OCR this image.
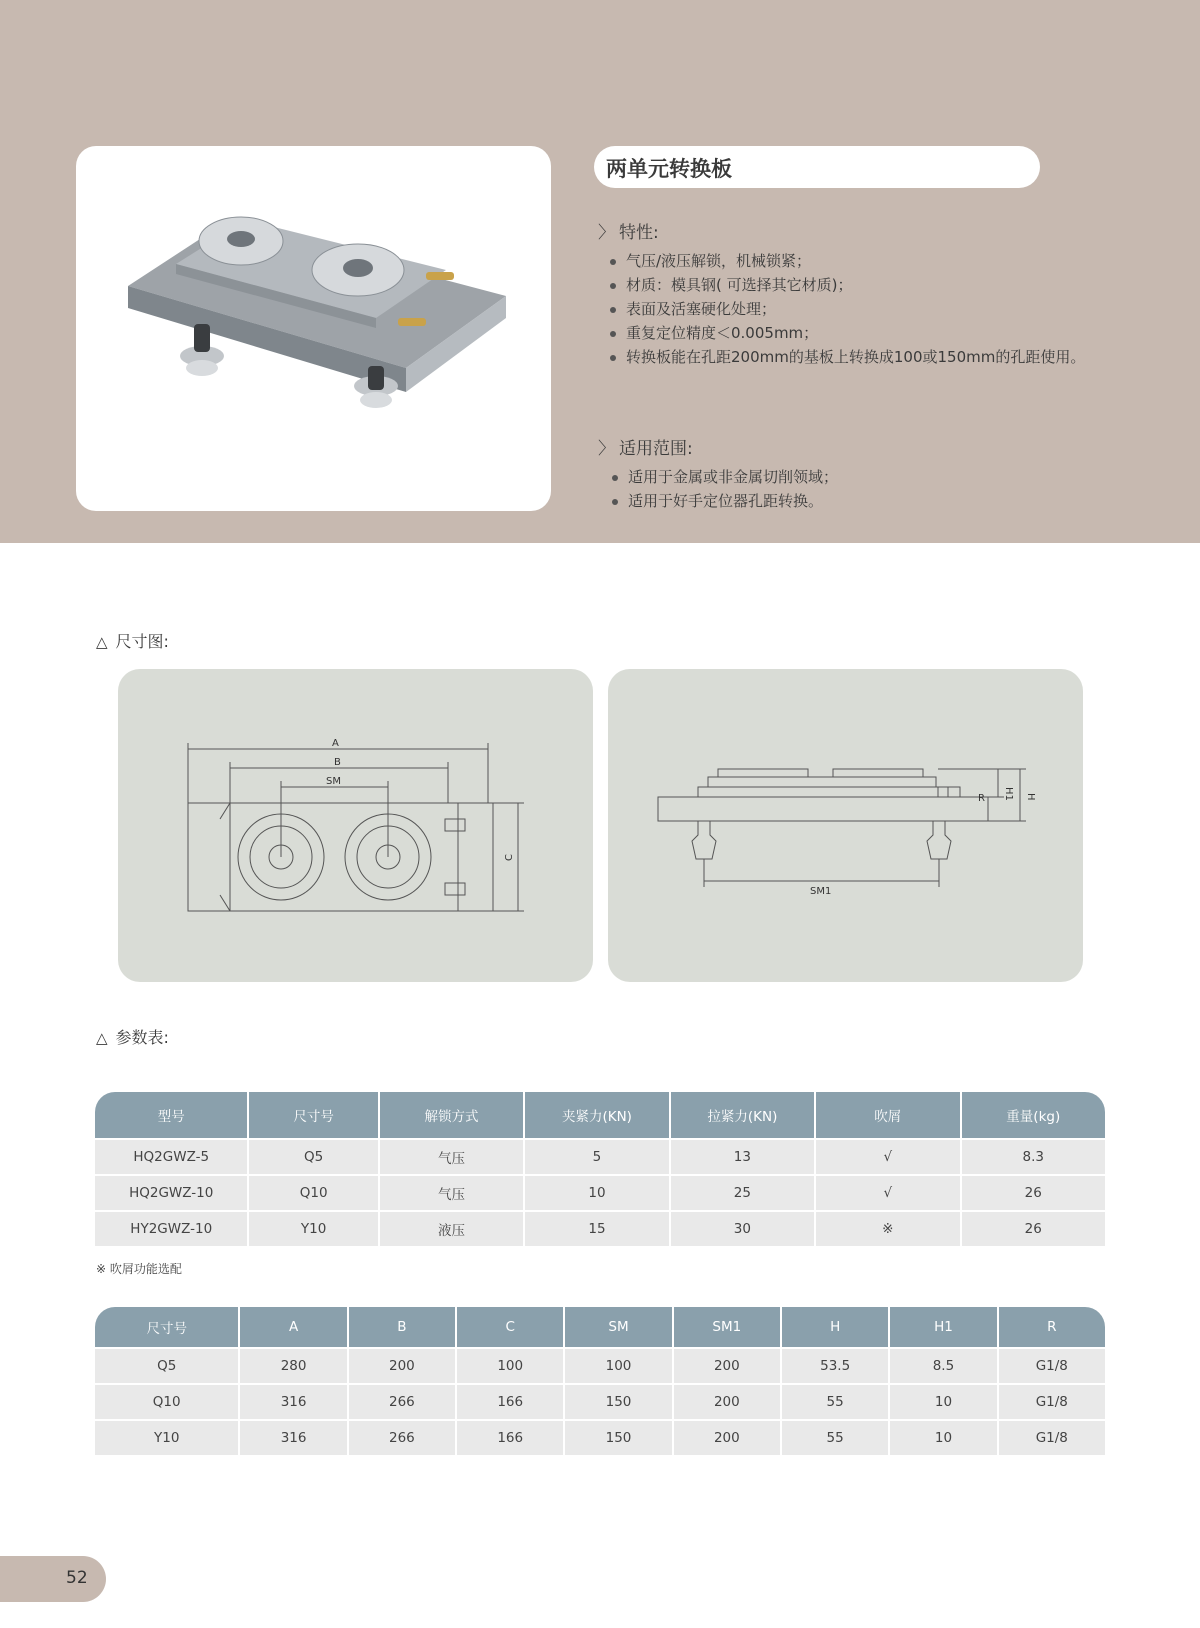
两单元转换板
〉 特性:
气压/液压解锁，机械锁紧；
材质：模具钢( 可选择其它材质)；
表面及活塞硬化处理；
重复定位精度＜0.005mm；
转换板能在孔距200mm的基板上转换成100或150mm的孔距使用。
〉 适用范围:
适用于金属或非金属切削领域；
适用于好手定位器孔距转换。
△ 尺寸图:
A
B
SM
C
SM1
R H1 H
△ 参数表:
型号	尺寸号	解锁方式	夹紧力(KN)	拉紧力(KN)	吹屑	重量(kg)
HQ2GWZ-5	Q5	气压	5	13	√	8.3
HQ2GWZ-10	Q10	气压	10	25	√	26
HY2GWZ-10	Y10	液压	15	30	※	26
※ 吹屑功能选配
尺寸号	A	B	C	SM	SM1	H	H1	R
Q5	280	200	100	100	200	53.5	8.5	G1/8
Q10	316	266	166	150	200	55	10	G1/8
Y10	316	266	166	150	200	55	10	G1/8
52
